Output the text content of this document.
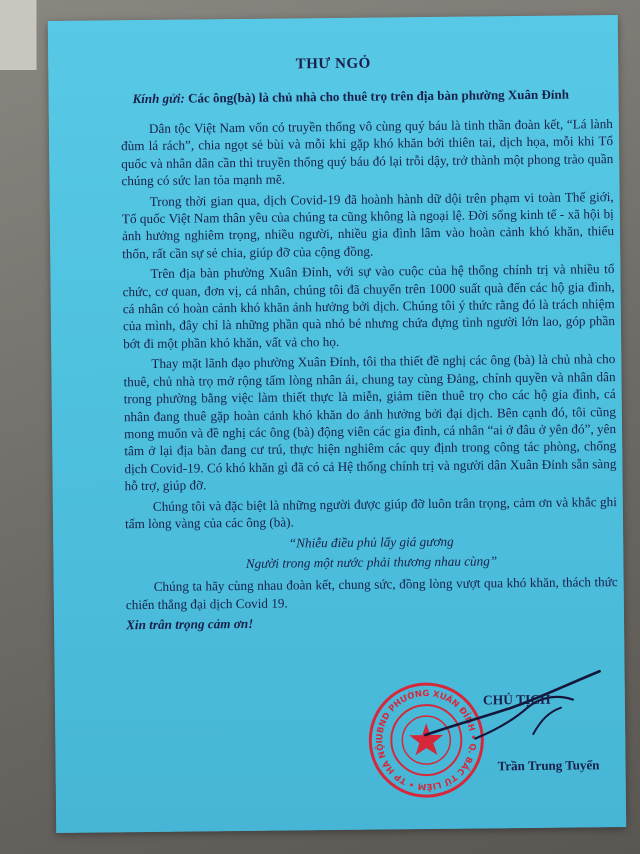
THƯ NGỎ
Kính gửi: Các ông(bà) là chủ nhà cho thuê trọ trên địa bàn phường Xuân Đỉnh

Dân tộc Việt Nam vốn có truyền thống vô cùng quý báu là tinh thần đoàn kết, “Lá lành đùm lá rách”, chia ngọt sẻ bùi và mỗi khi gặp khó khăn bởi thiên tai, dịch họa, mỗi khi Tổ quốc và nhân dân cần thì truyền thống quý báu đó lại trỗi dậy, trở thành một phong trào quần chúng có sức lan tỏa mạnh mẽ.

Trong thời gian qua, dịch Covid-19 đã hoành hành dữ dội trên phạm vi toàn Thế giới, Tổ quốc Việt Nam thân yêu của chúng ta cũng không là ngoại lệ. Đời sống kinh tế - xã hội bị ảnh hưởng nghiêm trọng, nhiều người, nhiều gia đình lâm vào hoàn cảnh khó khăn, thiếu thốn, rất cần sự sẻ chia, giúp đỡ của cộng đồng.

Trên địa bàn phường Xuân Đỉnh, với sự vào cuộc của hệ thống chính trị và nhiều tổ chức, cơ quan, đơn vị, cá nhân, chúng tôi đã chuyển trên 1000 suất quà đến các hộ gia đình, cá nhân có hoàn cảnh khó khăn ảnh hưởng bởi dịch. Chúng tôi ý thức rằng đó là trách nhiệm của mình, đây chỉ là những phần quà nhỏ bé nhưng chứa đựng tình người lớn lao, góp phần bớt đi một phần khó khăn, vất vả cho họ.

Thay mặt lãnh đạo phường Xuân Đỉnh, tôi tha thiết đề nghị các ông (bà) là chủ nhà cho thuê, chủ nhà trọ mở rộng tấm lòng nhân ái, chung tay cùng Đảng, chính quyền và nhân dân trong phường bằng việc làm thiết thực là miễn, giảm tiền thuê trọ cho các hộ gia đình, cá nhân đang thuê gặp hoàn cảnh khó khăn do ảnh hưởng bởi đại dịch. Bên cạnh đó, tôi cũng mong muốn và đề nghị các ông (bà) động viên các gia đình, cá nhân “ai ở đâu ở yên đó”, yên tâm ở lại địa bàn đang cư trú, thực hiện nghiêm các quy định trong công tác phòng, chống dịch Covid-19. Có khó khăn gì đã có cả Hệ thống chính trị và người dân Xuân Đỉnh sẵn sàng hỗ trợ, giúp đỡ.

Chúng tôi và đặc biệt là những người được giúp đỡ luôn trân trọng, cảm ơn và khắc ghi tấm lòng vàng của các ông (bà).

“Nhiễu điều phủ lấy giá gương
Người trong một nước phải thương nhau cùng”

Chúng ta hãy cùng nhau đoàn kết, chung sức, đồng lòng vượt qua khó khăn, thách thức chiến thắng đại dịch Covid 19.

Xin trân trọng cảm ơn!

UBND PHƯỜNG XUÂN ĐỈNH • Q. BẮC TỪ LIÊM • TP HÀ NỘI
CHỦ TỊCH
Trần Trung Tuyển
